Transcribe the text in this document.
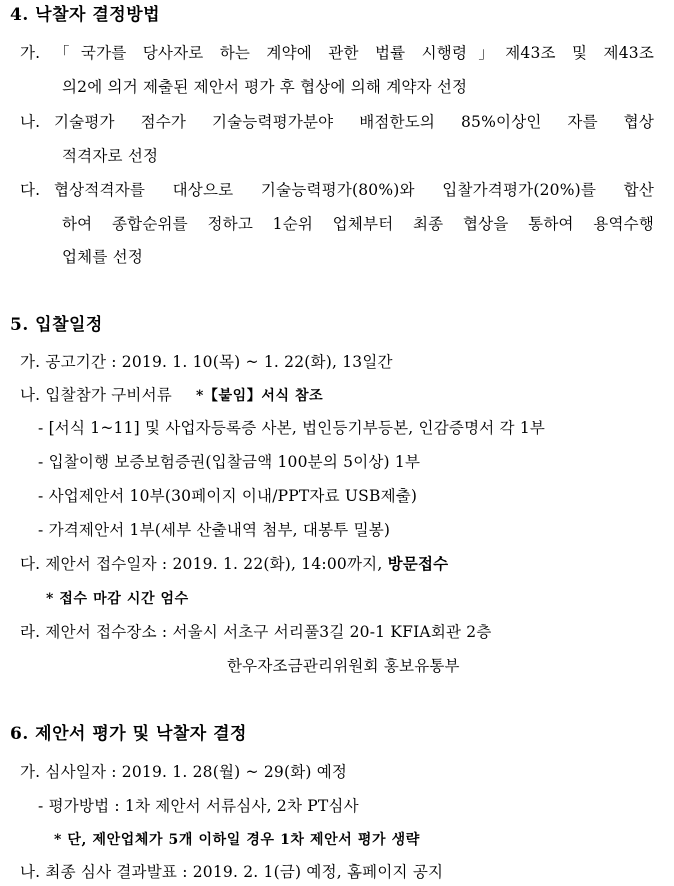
4. 낙찰자 결정방법
가. 「국가를 당사자로 하는 계약에 관한 법률 시행령」제43조 및 제43조
의2에 의거 제출된 제안서 평가 후 협상에 의해 계약자 선정
나. 기술평가 점수가 기술능력평가분야 배점한도의 85%이상인 자를 협상
적격자로 선정
다. 협상적격자를 대상으로 기술능력평가(80%)와 입찰가격평가(20%)를 합산
하여 종합순위를 정하고 1순위 업체부터 최종 협상을 통하여 용역수행
업체를 선정
5. 입찰일정
가. 공고기간 : 2019. 1. 10(목) ~ 1. 22(화), 13일간
나. 입찰참가 구비서류 *【붙임】서식 참조
- [서식 1~11] 및 사업자등록증 사본, 법인등기부등본, 인감증명서 각 1부
- 입찰이행 보증보험증권(입찰금액 100분의 5이상) 1부
- 사업제안서 10부(30페이지 이내/PPT자료 USB제출)
- 가격제안서 1부(세부 산출내역 첨부, 대봉투 밀봉)
다. 제안서 접수일자 : 2019. 1. 22(화), 14:00까지, 방문접수
* 접수 마감 시간 엄수
라. 제안서 접수장소 : 서울시 서초구 서리풀3길 20-1 KFIA회관 2층
한우자조금관리위원회 홍보유통부
6. 제안서 평가 및 낙찰자 결정
가. 심사일자 : 2019. 1. 28(월) ~ 29(화) 예정
- 평가방법 : 1차 제안서 서류심사, 2차 PT심사
* 단, 제안업체가 5개 이하일 경우 1차 제안서 평가 생략
나. 최종 심사 결과발표 : 2019. 2. 1(금) 예정, 홈페이지 공지
